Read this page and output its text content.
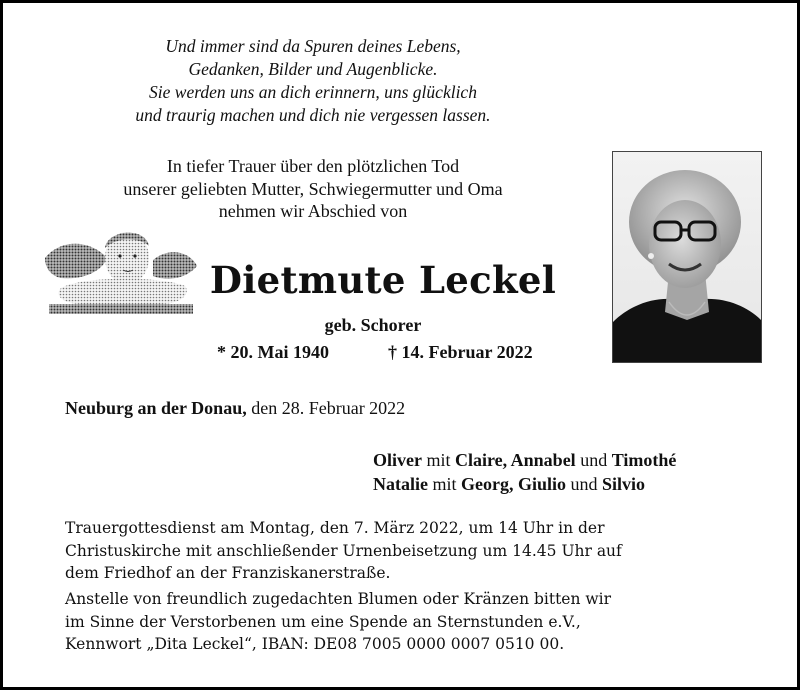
Und immer sind da Spuren deines Lebens,
Gedanken, Bilder und Augenblicke.
Sie werden uns an dich erinnern, uns glücklich
und traurig machen und dich nie vergessen lassen.
In tiefer Trauer über den plötzlichen Tod
unserer geliebten Mutter, Schwiegermutter und Oma
nehmen wir Abschied von
Dietmute Leckel
geb. Schorer
* 20. Mai 1940	† 14. Februar 2022
Neuburg an der Donau, den 28. Februar 2022
Oliver mit Claire, Annabel und Timothé
Natalie mit Georg, Giulio und Silvio
Trauergottesdienst am Montag, den 7. März 2022, um 14 Uhr in der
Christuskirche mit anschließender Urnenbeisetzung um 14.45 Uhr auf
dem Friedhof an der Franziskanerstraße.
Anstelle von freundlich zugedachten Blumen oder Kränzen bitten wir
im Sinne der Verstorbenen um eine Spende an Sternstunden e.V.,
Kennwort „Dita Leckel“, IBAN: DE08 7005 0000 0007 0510 00.
